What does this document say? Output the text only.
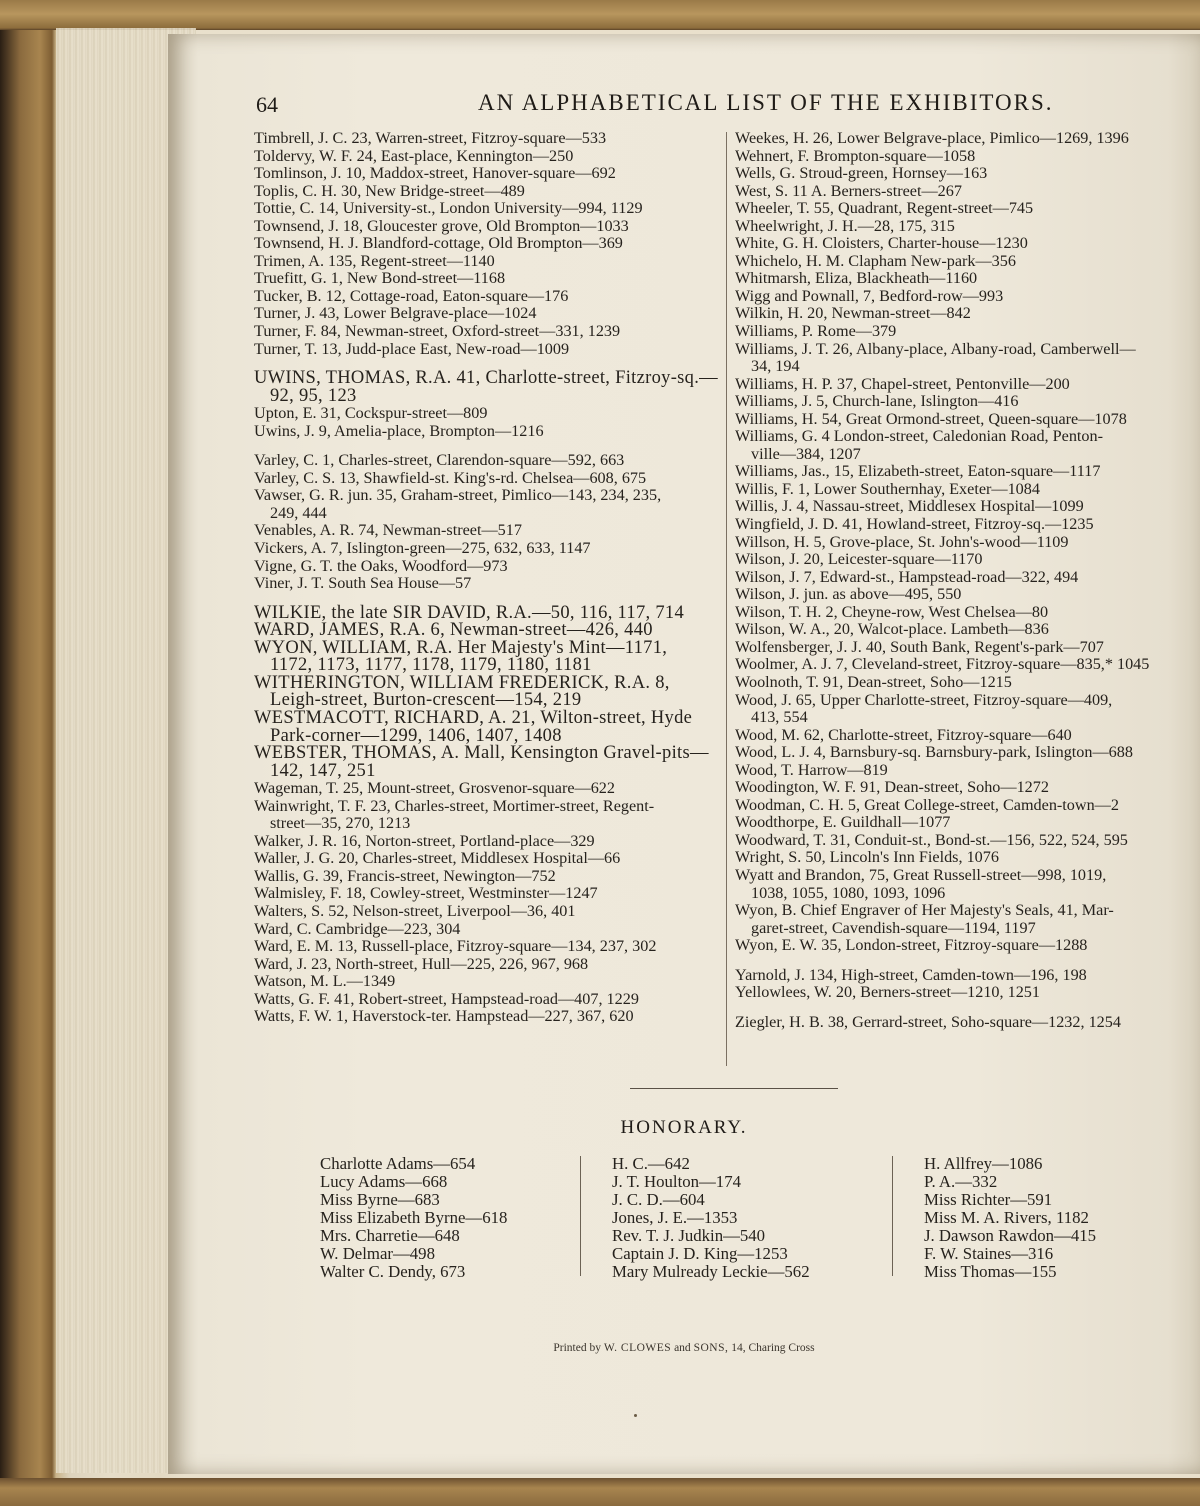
64	AN ALPHABETICAL LIST OF THE EXHIBITORS.
Timbrell, J. C. 23, Warren-street, Fitzroy-square—533
Toldervy, W. F. 24, East-place, Kennington—250
Tomlinson, J. 10, Maddox-street, Hanover-square—692
Toplis, C. H. 30, New Bridge-street—489
Tottie, C. 14, University-st., London University—994, 1129
Townsend, J. 18, Gloucester grove, Old Brompton—1033
Townsend, H. J. Blandford-cottage, Old Brompton—369
Trimen, A. 135, Regent-street—1140
Truefitt, G. 1, New Bond-street—1168
Tucker, B. 12, Cottage-road, Eaton-square—176
Turner, J. 43, Lower Belgrave-place—1024
Turner, F. 84, Newman-street, Oxford-street—331, 1239
Turner, T. 13, Judd-place East, New-road—1009
UWINS, THOMAS, R.A. 41, Charlotte-street, Fitzroy-sq.—
92, 95, 123
Upton, E. 31, Cockspur-street—809
Uwins, J. 9, Amelia-place, Brompton—1216
Varley, C. 1, Charles-street, Clarendon-square—592, 663
Varley, C. S. 13, Shawfield-st. King's-rd. Chelsea—608, 675
Vawser, G. R. jun. 35, Graham-street, Pimlico—143, 234, 235,
249, 444
Venables, A. R. 74, Newman-street—517
Vickers, A. 7, Islington-green—275, 632, 633, 1147
Vigne, G. T. the Oaks, Woodford—973
Viner, J. T. South Sea House—57
WILKIE, the late SIR DAVID, R.A.—50, 116, 117, 714
WARD, JAMES, R.A. 6, Newman-street—426, 440
WYON, WILLIAM, R.A. Her Majesty's Mint—1171,
1172, 1173, 1177, 1178, 1179, 1180, 1181
WITHERINGTON, WILLIAM FREDERICK, R.A. 8,
Leigh-street, Burton-crescent—154, 219
WESTMACOTT, RICHARD, A. 21, Wilton-street, Hyde
Park-corner—1299, 1406, 1407, 1408
WEBSTER, THOMAS, A. Mall, Kensington Gravel-pits—
142, 147, 251
Wageman, T. 25, Mount-street, Grosvenor-square—622
Wainwright, T. F. 23, Charles-street, Mortimer-street, Regent-
street—35, 270, 1213
Walker, J. R. 16, Norton-street, Portland-place—329
Waller, J. G. 20, Charles-street, Middlesex Hospital—66
Wallis, G. 39, Francis-street, Newington—752
Walmisley, F. 18, Cowley-street, Westminster—1247
Walters, S. 52, Nelson-street, Liverpool—36, 401
Ward, C. Cambridge—223, 304
Ward, E. M. 13, Russell-place, Fitzroy-square—134, 237, 302
Ward, J. 23, North-street, Hull—225, 226, 967, 968
Watson, M. L.—1349
Watts, G. F. 41, Robert-street, Hampstead-road—407, 1229
Watts, F. W. 1, Haverstock-ter. Hampstead—227, 367, 620
Weekes, H. 26, Lower Belgrave-place, Pimlico—1269, 1396
Wehnert, F. Brompton-square—1058
Wells, G. Stroud-green, Hornsey—163
West, S. 11 A. Berners-street—267
Wheeler, T. 55, Quadrant, Regent-street—745
Wheelwright, J. H.—28, 175, 315
White, G. H. Cloisters, Charter-house—1230
Whichelo, H. M. Clapham New-park—356
Whitmarsh, Eliza, Blackheath—1160
Wigg and Pownall, 7, Bedford-row—993
Wilkin, H. 20, Newman-street—842
Williams, P. Rome—379
Williams, J. T. 26, Albany-place, Albany-road, Camberwell—
34, 194
Williams, H. P. 37, Chapel-street, Pentonville—200
Williams, J. 5, Church-lane, Islington—416
Williams, H. 54, Great Ormond-street, Queen-square—1078
Williams, G. 4 London-street, Caledonian Road, Penton-
ville—384, 1207
Williams, Jas., 15, Elizabeth-street, Eaton-square—1117
Willis, F. 1, Lower Southernhay, Exeter—1084
Willis, J. 4, Nassau-street, Middlesex Hospital—1099
Wingfield, J. D. 41, Howland-street, Fitzroy-sq.—1235
Willson, H. 5, Grove-place, St. John's-wood—1109
Wilson, J. 20, Leicester-square—1170
Wilson, J. 7, Edward-st., Hampstead-road—322, 494
Wilson, J. jun. as above—495, 550
Wilson, T. H. 2, Cheyne-row, West Chelsea—80
Wilson, W. A., 20, Walcot-place. Lambeth—836
Wolfensberger, J. J. 40, South Bank, Regent's-park—707
Woolmer, A. J. 7, Cleveland-street, Fitzroy-square—835,* 1045
Woolnoth, T. 91, Dean-street, Soho—1215
Wood, J. 65, Upper Charlotte-street, Fitzroy-square—409,
413, 554
Wood, M. 62, Charlotte-street, Fitzroy-square—640
Wood, L. J. 4, Barnsbury-sq. Barnsbury-park, Islington—688
Wood, T. Harrow—819
Woodington, W. F. 91, Dean-street, Soho—1272
Woodman, C. H. 5, Great College-street, Camden-town—2
Woodthorpe, E. Guildhall—1077
Woodward, T. 31, Conduit-st., Bond-st.—156, 522, 524, 595
Wright, S. 50, Lincoln's Inn Fields, 1076
Wyatt and Brandon, 75, Great Russell-street—998, 1019,
1038, 1055, 1080, 1093, 1096
Wyon, B. Chief Engraver of Her Majesty's Seals, 41, Mar-
garet-street, Cavendish-square—1194, 1197
Wyon, E. W. 35, London-street, Fitzroy-square—1288
Yarnold, J. 134, High-street, Camden-town—196, 198
Yellowlees, W. 20, Berners-street—1210, 1251
Ziegler, H. B. 38, Gerrard-street, Soho-square—1232, 1254
HONORARY.
Charlotte Adams—654
Lucy Adams—668
Miss Byrne—683
Miss Elizabeth Byrne—618
Mrs. Charretie—648
W. Delmar—498
Walter C. Dendy, 673
H. C.—642
J. T. Houlton—174
J. C. D.—604
Jones, J. E.—1353
Rev. T. J. Judkin—540
Captain J. D. King—1253
Mary Mulready Leckie—562
H. Allfrey—1086
P. A.—332
Miss Richter—591
Miss M. A. Rivers, 1182
J. Dawson Rawdon—415
F. W. Staines—316
Miss Thomas—155
Printed by W. CLOWES and SONS, 14, Charing Cross
